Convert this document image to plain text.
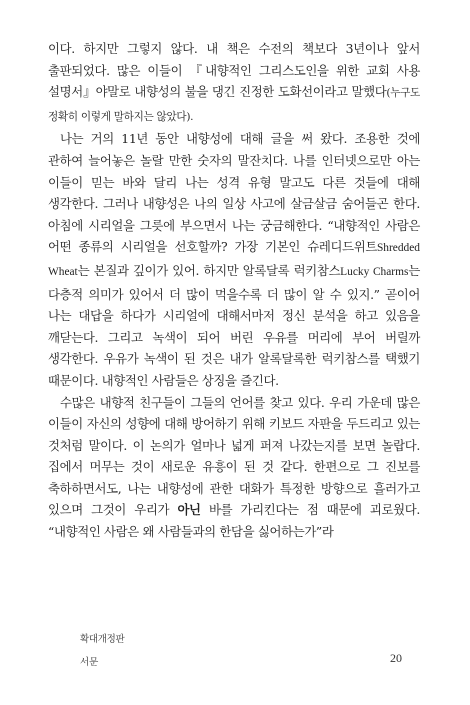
이다. 하지만 그렇지 않다. 내 책은 수전의 책보다 3년이나 앞서 출판되었다. 많은 이들이 『내향적인 그리스도인을 위한 교회 사용 설명서』야말로 내향성의 불을 댕긴 진정한 도화선이라고 말했다(누구도 정확히 이렇게 말하지는 않았다).

나는 거의 11년 동안 내향성에 대해 글을 써 왔다. 조용한 것에 관하여 늘어놓은 놀랄 만한 숫자의 말잔치다. 나를 인터넷으로만 아는 이들이 믿는 바와 달리 나는 성격 유형 말고도 다른 것들에 대해 생각한다. 그러나 내향성은 나의 일상 사고에 살금살금 숨어들곤 한다. 아침에 시리얼을 그릇에 부으면서 나는 궁금해한다. “내향적인 사람은 어떤 종류의 시리얼을 선호할까? 가장 기본인 슈레디드위트Shredded Wheat는 본질과 깊이가 있어. 하지만 알록달록 럭키참스Lucky Charms는 다층적 의미가 있어서 더 많이 먹을수록 더 많이 알 수 있지.” 곧이어 나는 대답을 하다가 시리얼에 대해서마저 정신 분석을 하고 있음을 깨닫는다. 그리고 녹색이 되어 버린 우유를 머리에 부어 버릴까 생각한다. 우유가 녹색이 된 것은 내가 알록달록한 럭키참스를 택했기 때문이다. 내향적인 사람들은 상징을 즐긴다.

수많은 내향적 친구들이 그들의 언어를 찾고 있다. 우리 가운데 많은 이들이 자신의 성향에 대해 방어하기 위해 키보드 자판을 두드리고 있는 것처럼 말이다. 이 논의가 얼마나 넓게 퍼져 나갔는지를 보면 놀랍다. 집에서 머무는 것이 새로운 유흥이 된 것 같다. 한편으로 그 진보를 축하하면서도, 나는 내향성에 관한 대화가 특정한 방향으로 흘러가고 있으며 그것이 우리가 아닌 바를 가리킨다는 점 때문에 괴로웠다. “내향적인 사람은 왜 사람들과의 한담을 싫어하는가”라

확대개정판
서문	20
